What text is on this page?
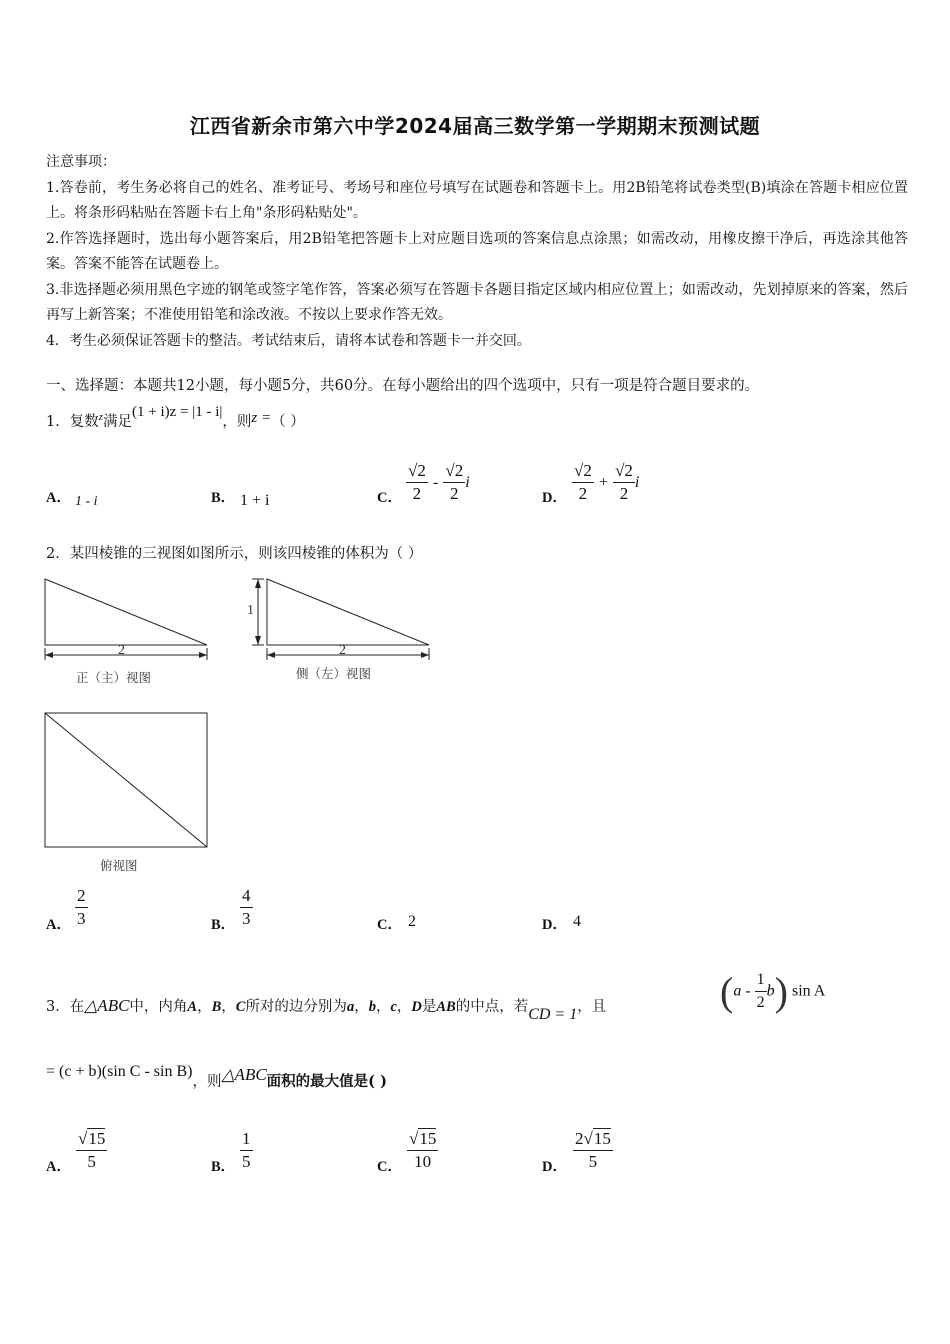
江西省新余市第六中学2024届高三数学第一学期期末预测试题

注意事项：

1.答卷前，考生务必将自己的姓名、准考证号、考场号和座位号填写在试题卷和答题卡上。用2B铅笔将试卷类型(B)填涂在答题卡相应位置上。将条形码粘贴在答题卡右上角"条形码粘贴处"。

2.作答选择题时，选出每小题答案后，用2B铅笔把答题卡上对应题目选项的答案信息点涂黑；如需改动，用橡皮擦干净后，再选涂其他答案。答案不能答在试题卷上。

3.非选择题必须用黑色字迹的钢笔或签字笔作答，答案必须写在答题卡各题目指定区域内相应位置上；如需改动，先划掉原来的答案，然后再写上新答案；不准使用铅笔和涂改液。不按以上要求作答无效。

4．考生必须保证答题卡的整洁。考试结束后，请将本试卷和答题卡一并交回。

一、选择题：本题共12小题，每小题5分，共60分。在每小题给出的四个选项中，只有一项是符合题目要求的。
1．复数$^z$满足(1 + i)z = |1 - i|，则z =（ ）
A． 1 - i	B． 1 + i	C． $\frac{√2}{2} - \frac{√2}{2}$ i
D． $\frac{√2}{2} + \frac{√2}{2}$ i
2．某四棱锥的三视图如图所示，则该四棱锥的体积为（ ）
2	2
1
正（主）视图	侧（左）视图
俯视图
A． $\frac{2}{3}$	B． $\frac{4}{3}$	C． 2	D． 4
3．在△ABC中，内角A，B，C所对的边分别为a，b，c，D是AB的中点，若CD = 1，且	$(a - \frac{1}{2} b)$ sin A
= (c + b)(sin C - sin B)，则△ABC面积的最大值是( )
A． $\frac{√15}{5}$	B． $\frac{1}{5}$	C． $\frac{√15}{10}$	D． $\frac{2√15}{5}$
